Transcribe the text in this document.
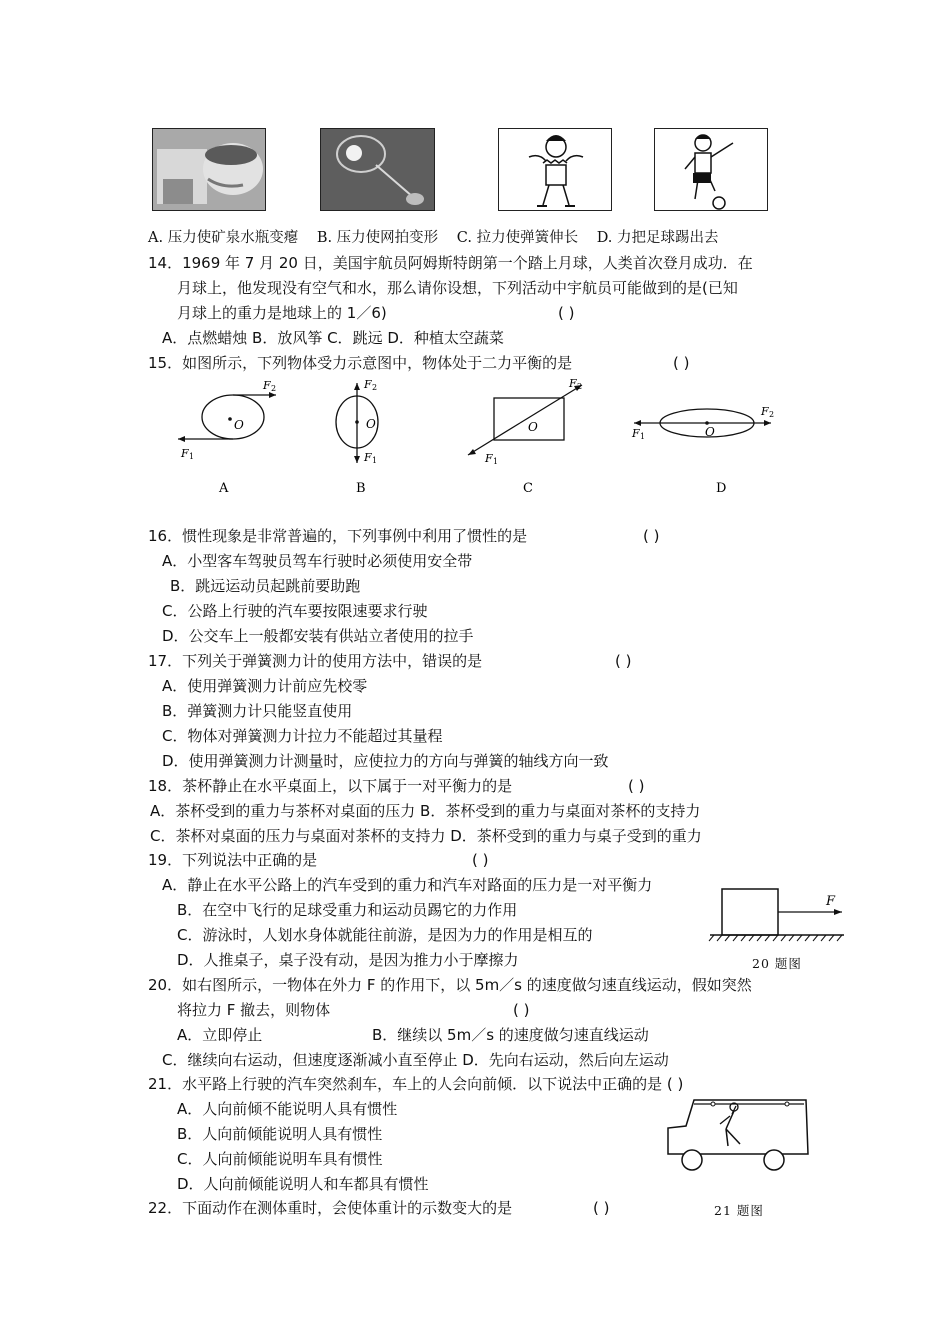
A. 压力使矿泉水瓶变瘪 B. 压力使网拍变形 C. 拉力使弹簧伸长 D. 力把足球踢出去
14．1969 年 7 月 20 日，美国宇航员阿姆斯特朗第一个踏上月球，人类首次登月成功．在
月球上，他发现没有空气和水，那么请你设想，下列活动中宇航员可能做到的是(已知
月球上的重力是地球上的 1／6)	( )
A．点燃蜡烛 B．放风筝 C．跳远 D．种植太空蔬菜
15．如图所示，下列物体受力示意图中，物体处于二力平衡的是	( )
O
F 2
F 1
A
O
F 2
F 1
B
F 2
F 1
O
C
O
F 2
F 1
D
16．惯性现象是非常普遍的，下列事例中利用了惯性的是	( )
A．小型客车驾驶员驾车行驶时必须使用安全带
B．跳远运动员起跳前要助跑
C．公路上行驶的汽车要按限速要求行驶
D．公交车上一般都安装有供站立者使用的拉手
17．下列关于弹簧测力计的使用方法中，错误的是	( )
A．使用弹簧测力计前应先校零
B．弹簧测力计只能竖直使用
C．物体对弹簧测力计拉力不能超过其量程
D．使用弹簧测力计测量时，应使拉力的方向与弹簧的轴线方向一致
18．茶杯静止在水平桌面上，以下属于一对平衡力的是	( )
A．茶杯受到的重力与茶杯对桌面的压力 B．茶杯受到的重力与桌面对茶杯的支持力
C．茶杯对桌面的压力与桌面对茶杯的支持力 D．茶杯受到的重力与桌子受到的重力
19．下列说法中正确的是	( )
A．静止在水平公路上的汽车受到的重力和汽车对路面的压力是一对平衡力
B．在空中飞行的足球受重力和运动员踢它的力作用
C．游泳时，人划水身体就能往前游，是因为力的作用是相互的
D．人推桌子，桌子没有动，是因为推力小于摩擦力
F
20 题图
20．如右图所示，一物体在外力 F 的作用下，以 5m／s 的速度做匀速直线运动，假如突然
将拉力 F 撤去，则物体	( )
A．立即停止	B．继续以 5m／s 的速度做匀速直线运动
C．继续向右运动，但速度逐渐减小直至停止 D．先向右运动，然后向左运动
21．水平路上行驶的汽车突然刹车，车上的人会向前倾．以下说法中正确的是 ( )
A．人向前倾不能说明人具有惯性
B．人向前倾能说明人具有惯性
C．人向前倾能说明车具有惯性
D．人向前倾能说明人和车都具有惯性
22．下面动作在测体重时，会使体重计的示数变大的是	( )	21 题图
